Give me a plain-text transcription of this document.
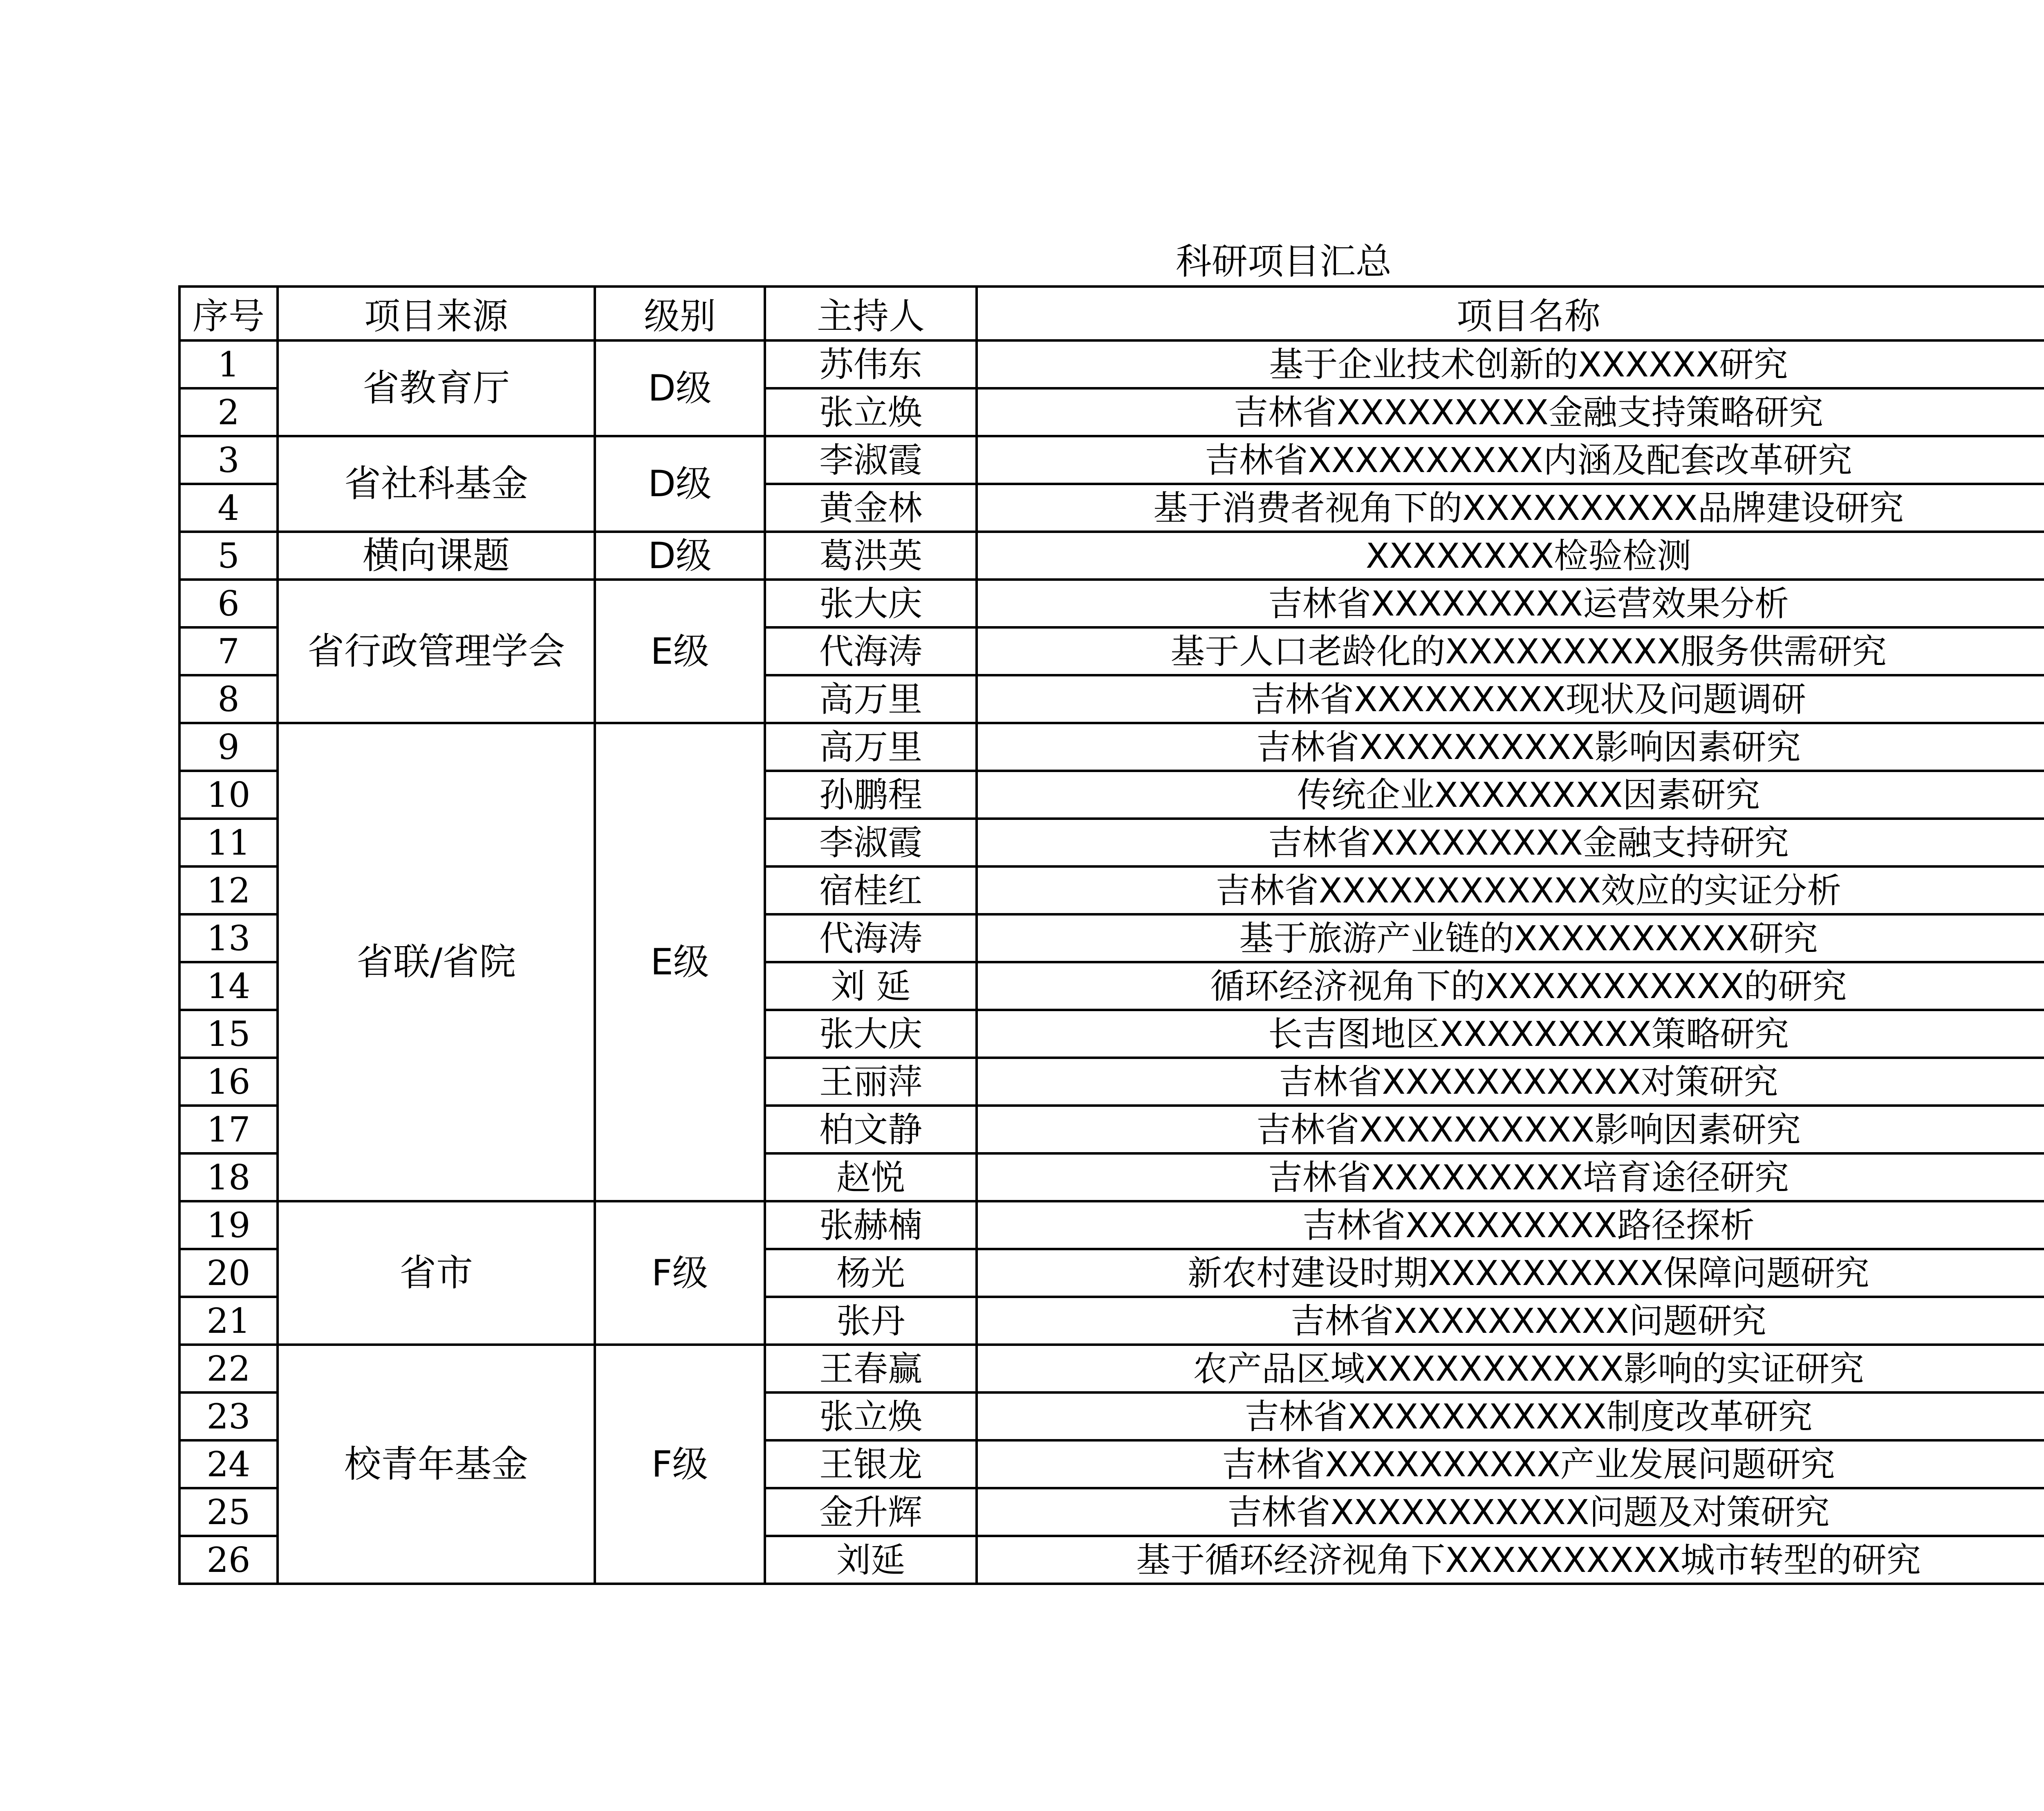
科研项目汇总
序号	项目来源	级别	主持人	项目名称	
1	省教育厅	D级	苏伟东	基于企业技术创新的XXXXXX研究	
2			张立焕	吉林省XXXXXXXXX金融支持策略研究	
3	省社科基金	D级	李淑霞	吉林省XXXXXXXXXX内涵及配套改革研究	
4			黄金林	基于消费者视角下的XXXXXXXXXX品牌建设研究	
5	横向课题	D级	葛洪英	XXXXXXXX检验检测	
6	省行政管理学会	E级	张大庆	吉林省XXXXXXXXX运营效果分析	
7			代海涛	基于人口老龄化的XXXXXXXXXX服务供需研究	
8			高万里	吉林省XXXXXXXXX现状及问题调研	
9	省联/省院	E级	高万里	吉林省XXXXXXXXXX影响因素研究	
10			孙鹏程	传统企业XXXXXXXX因素研究	
11			李淑霞	吉林省XXXXXXXXX金融支持研究	
12			宿桂红	吉林省XXXXXXXXXXXX效应的实证分析	
13			代海涛	基于旅游产业链的XXXXXXXXXX研究	
14			刘 延	循环经济视角下的XXXXXXXXXXX的研究	
15			张大庆	长吉图地区XXXXXXXXX策略研究	
16			王丽萍	吉林省XXXXXXXXXXX对策研究	
17			柏文静	吉林省XXXXXXXXXX影响因素研究	
18			赵悦	吉林省XXXXXXXXX培育途径研究	
19	省市	F级	张赫楠	吉林省XXXXXXXXX路径探析	
20			杨光	新农村建设时期XXXXXXXXXX保障问题研究	
21			张丹	吉林省XXXXXXXXXX问题研究	
22	校青年基金	F级	王春赢	农产品区域XXXXXXXXXXX影响的实证研究	
23			张立焕	吉林省XXXXXXXXXXX制度改革研究	
24			王银龙	吉林省XXXXXXXXXX产业发展问题研究	
25			金升辉	吉林省XXXXXXXXXXX问题及对策研究	
26			刘延	基于循环经济视角下XXXXXXXXXX城市转型的研究	
